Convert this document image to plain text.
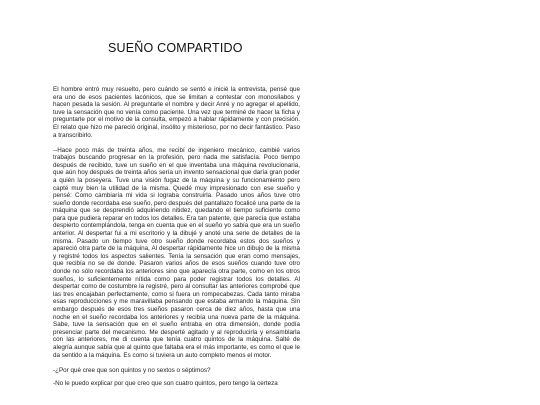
SUEÑO COMPARTIDO

El hombre entró muy resuelto, pero cuándo se sentó e inicié la entrevista, pensé que era uno de esos pacientes lacónicos, que se limitan a contestar con monosílabos y hacen pesada la sesión. Al preguntarle el nombre y decir Anré y no agregar el apellido, tuve la sensación que no venía como paciente. Una vez que terminé de hacer la ficha y preguntarle por el motivo de la consulta, empezó a hablar rápidamente y con precisión. El relato que hizo me pareció original, insólito y misterioso, por no decir fantástico. Paso a transcribirlo.

--Hace poco más de treinta años, me recibí de ingeniero mecánico, cambié varios trabajos buscando progresar en la profesión, pero nada me satisfacía. Poco tiempo después de recibido, tuve un sueño en el que inventaba una máquina revolucionaria, que aún hoy después de treinta años sería un invento sensacional que daría gran poder a quién la poseyera. Tuve una visión fugaz de la máquina y su funcionamiento pero capté muy bien la utilidad de la misma. Quedé muy impresionado con ese sueño y pensé: Como cambiaría mi vida si lograba construirla. Pasado unos años tuve otro sueño donde recordaba ese sueño, pero después del pantallazo focalicé una parte de la máquina que se desprendió adquiriendo nitidez, quedando el tiempo suficiente como para que pudiera reparar en todos los detalles. Era tan patente, que parecía que estaba despierto contemplándola, tenga en cuenta que en el sueño yo sabía que era un sueño anterior. Al despertar fui a mi escritorio y la dibujé y anoté una serie de detalles de la misma. Pasado un tiempo tuve otro sueño donde recordaba estos dos sueños y apareció otra parte de la máquina, Al despertar rápidamente hice un dibujo de la misma y registré todos los aspectos salientes. Tenía la sensación que eran como mensajes, que recibía no se de donde. Pasaron varios años de esos sueños cuando tuve otro donde no sólo recordaba los anteriores sino que aparecía otra parte, como en los otros sueños, lo suficientemente nítida como para poder registrar todos los detalles. Al despertar como de costumbre la registré, pero al consultar las anteriores comprobé que las tres encajaban perfectamente, como si fuera un rompecabezas. Cada tanto miraba esas reproducciones y me maravillaba pensando que estaba armando la máquina. Sin embargo después de esos tres sueños pasaron cerca de diez años, hasta que una noche en el sueño recordaba los anteriores y recibía una nueva parte de la máquina. Sabe, tuve la sensación que en el sueño entraba en otra dimensión, donde podía presenciar parte del mecanismo. Me desperté agitado y al reproducirla y ensamblarla con las anteriores, me di cuenta que tenía cuatro quintos de la máquina. Salté de alegría aunque sabía que al quinto que faltaba era el más importante, es como el que le da sentido a la máquina. Es como si tuviera un auto completo menos el motor.

-¿Por qué cree que son quintos y no sextos o séptimos?

-No le puedo explicar por que creo que son cuatro quintos, pero tengo la certeza
